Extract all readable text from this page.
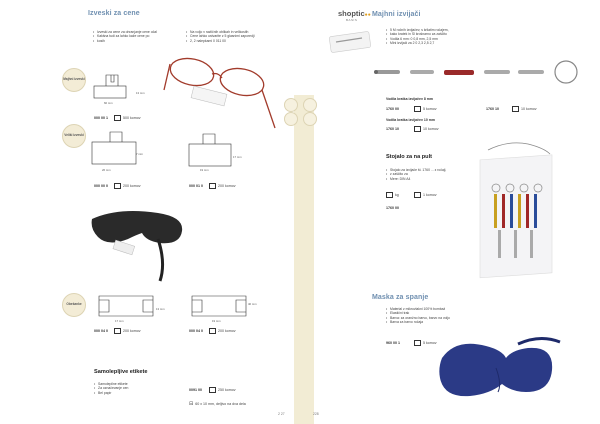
Izveski za cene
• Izveski za cene za ohranjanje cene očal
• Kakšna tudi za lahko kaže cene po
• kosih
• Na voljo v različnih oblikah in velikostih
• Cene lahko ustvarite z 5 glasnimi zaporedji
• 2, 2 nalepkami 0 011 00
Majhni izveski
Veliki izveski
Obešanke
13 mm
60 mm
000 00 1	500 komov
7 mm
26 mm
17 mm
19 mm
000 00 0	200 komov	000 01 0	200 komov
13 mm
17 mm
40 mm
19 mm
000 04 0	200 komov	000 04 0	200 komov
Samolepljive etikete
• Samolepilne etikete
• Za označevanje cen
• Bel papir
0091 00	250 komov
⊟ 60 x 10 mm, deljivo na dva dela
2 27
shoptic●●
BASIS
Majhni izvijači
• 5 M ročnih izvijačev, s krilatim ročajem,
• kako kratek in Sl krošnarno za zaščito
• Vodila 6 mm: 0 0,8 mm, 2,5 mm
• Mini izvijači za 2 0 2,3 2,5 2,7
Vodila kratka izvijačev 8 mm
1760 00	5 komov	1760 10	10 komov
Vodila kratka izvijačev 10 mm
1760 10	10 komov
Stojalo za na pult
• Stojalo za izvijače št. 1760 ... z ročaji,
• z zaščito za
• Mere: DIN A4
kg	1 komov
1760 00
Maska za spanje
• Material z mikrovlakni 100% bombaž
• Elastični trak
• Barva: za oranžno barvo, barvo na voljo
• Barva za barvo ročaja
960 00 1	5 komov
228
